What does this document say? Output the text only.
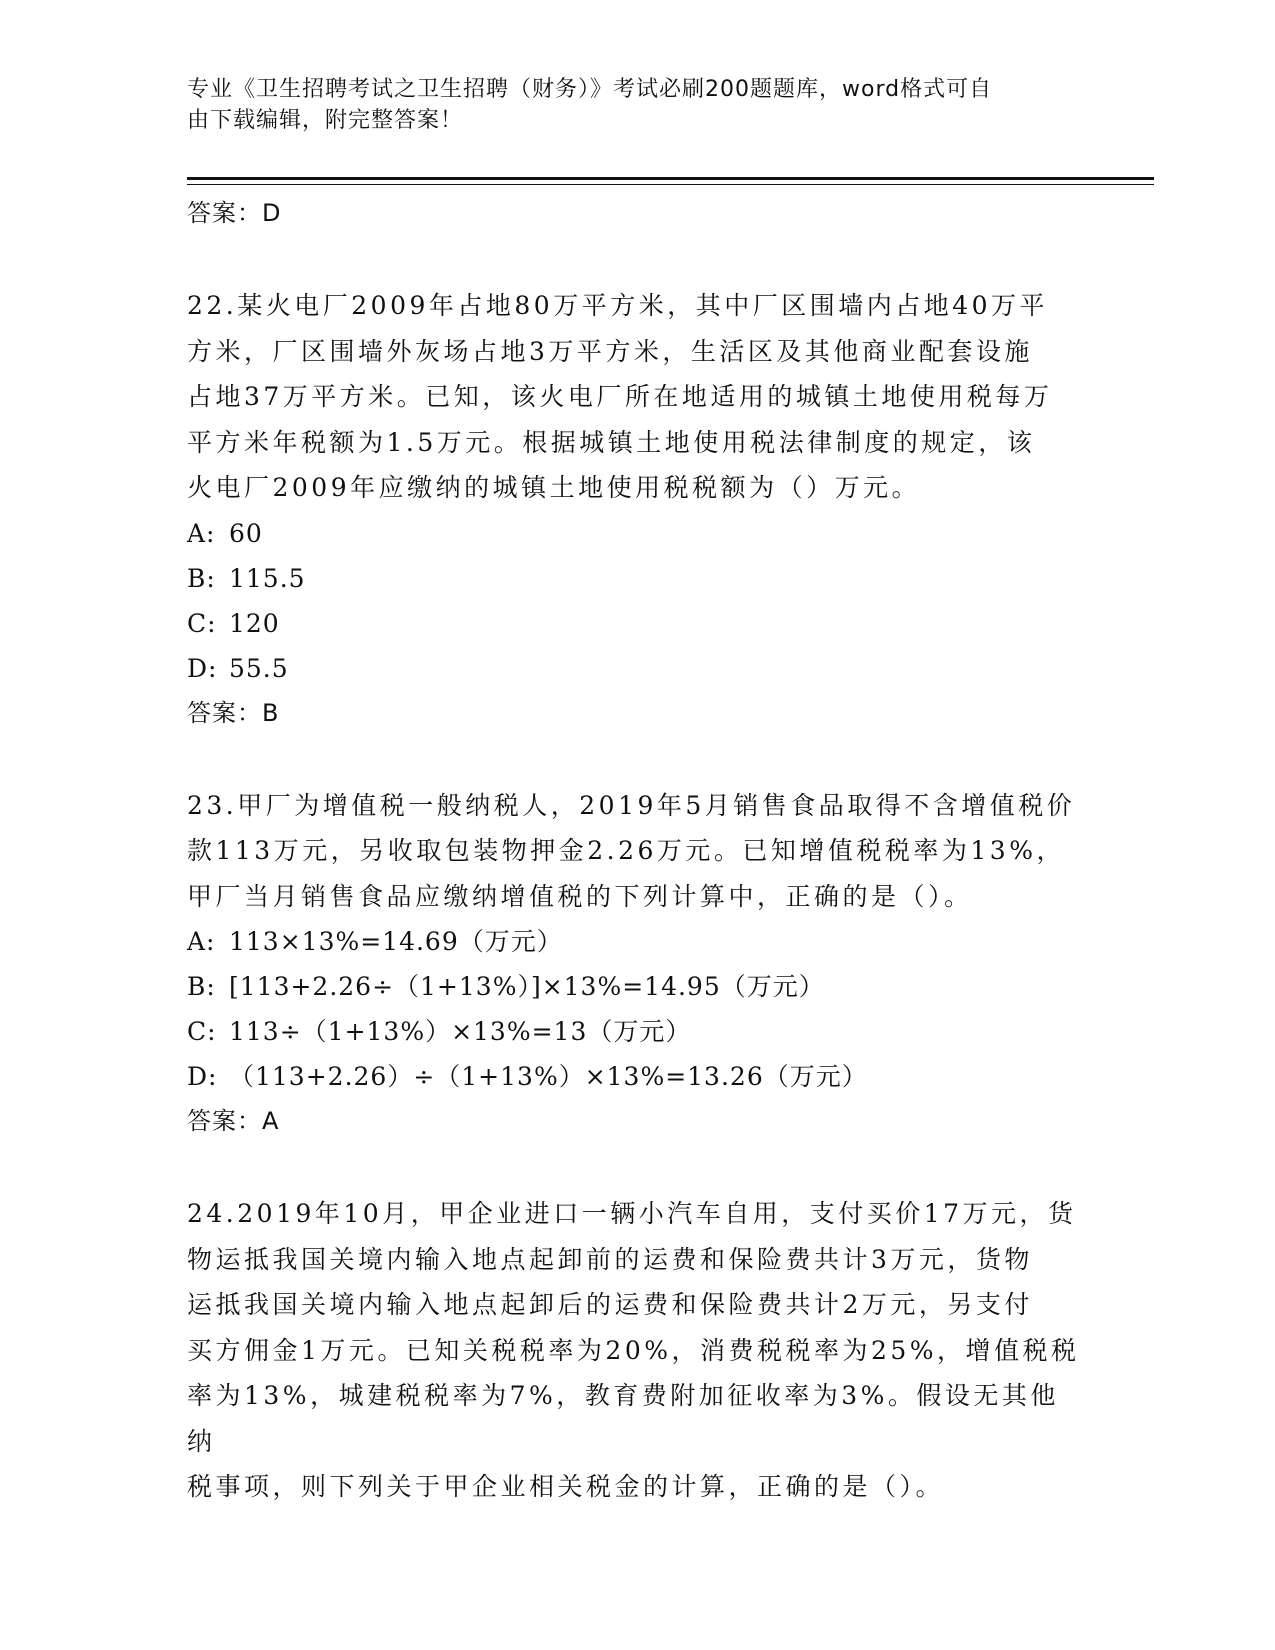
专业《卫生招聘考试之卫生招聘（财务）》考试必刷200题题库，word格式可自
由下载编辑，附完整答案！
答案：D
22.某火电厂2009年占地80万平方米，其中厂区围墙内占地40万平
方米，厂区围墙外灰场占地3万平方米，生活区及其他商业配套设施
占地37万平方米。已知，该火电厂所在地适用的城镇土地使用税每万
平方米年税额为1.5万元。根据城镇土地使用税法律制度的规定，该
火电厂2009年应缴纳的城镇土地使用税税额为（）万元。
A: 60
B: 115.5
C: 120
D: 55.5
答案：B
23.甲厂为增值税一般纳税人，2019年5月销售食品取得不含增值税价
款113万元，另收取包装物押金2.26万元。已知增值税税率为13%，
甲厂当月销售食品应缴纳增值税的下列计算中，正确的是（）。
A: 113×13%=14.69（万元）
B: [113+2.26÷（1+13%）]×13%=14.95（万元）
C: 113÷（1+13%）×13%=13（万元）
D: （113+2.26）÷（1+13%）×13%=13.26（万元）
答案：A
24.2019年10月，甲企业进口一辆小汽车自用，支付买价17万元，货
物运抵我国关境内输入地点起卸前的运费和保险费共计3万元，货物
运抵我国关境内输入地点起卸后的运费和保险费共计2万元，另支付
买方佣金1万元。已知关税税率为20%，消费税税率为25%，增值税税
率为13%，城建税税率为7%，教育费附加征收率为3%。假设无其他纳
税事项，则下列关于甲企业相关税金的计算，正确的是（）。
